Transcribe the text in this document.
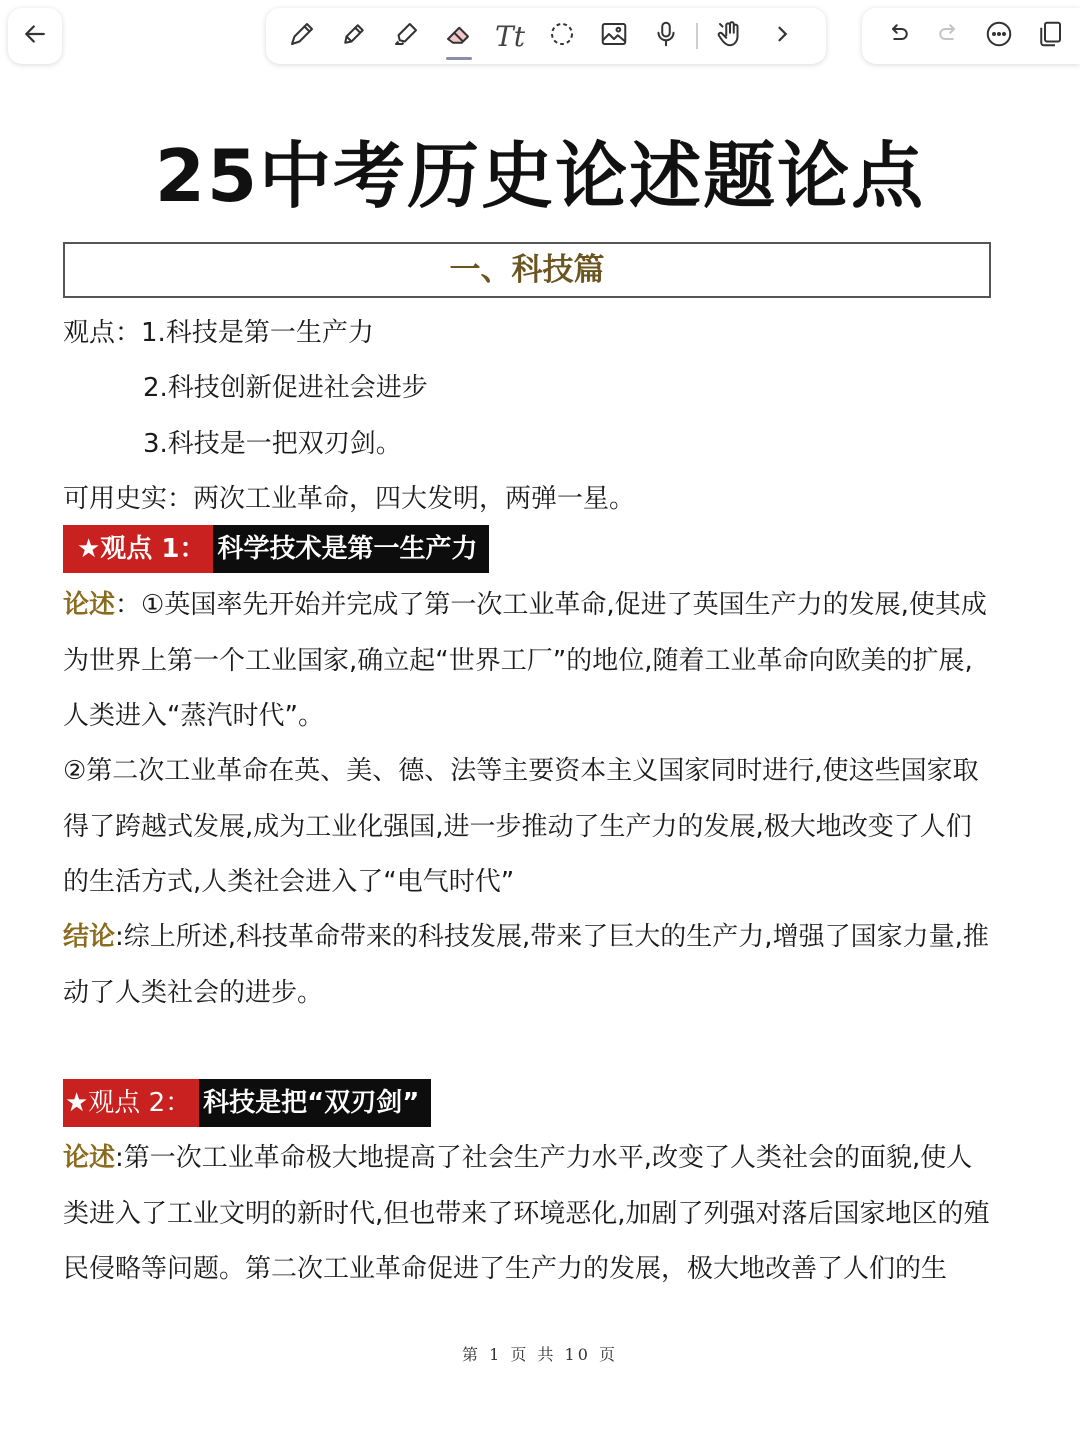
Tt
25中考历史论述题论点
一、科技篇
观点：1.科技是第一生产力
2.科技创新促进社会进步
3.科技是一把双刃剑。
可用史实：两次工业革命，四大发明，两弹一星。
★观点 1： 科学技术是第一生产力
论述：①英国率先开始并完成了第一次工业革命,促进了英国生产力的发展,使其成为世界上第一个工业国家,确立起“世界工厂”的地位,随着工业革命向欧美的扩展,人类进入“蒸汽时代”。
②第二次工业革命在英、美、德、法等主要资本主义国家同时进行,使这些国家取得了跨越式发展,成为工业化强国,进一步推动了生产力的发展,极大地改变了人们的生活方式,人类社会进入了“电气时代”
结论:综上所述,科技革命带来的科技发展,带来了巨大的生产力,增强了国家力量,推动了人类社会的进步。
★观点 2： 科技是把“双刃剑”
论述:第一次工业革命极大地提高了社会生产力水平,改变了人类社会的面貌,使人类进入了工业文明的新时代,但也带来了环境恶化,加剧了列强对落后国家地区的殖民侵略等问题。第二次工业革命促进了生产力的发展，极大地改善了人们的生
第 1 页 共 10 页
